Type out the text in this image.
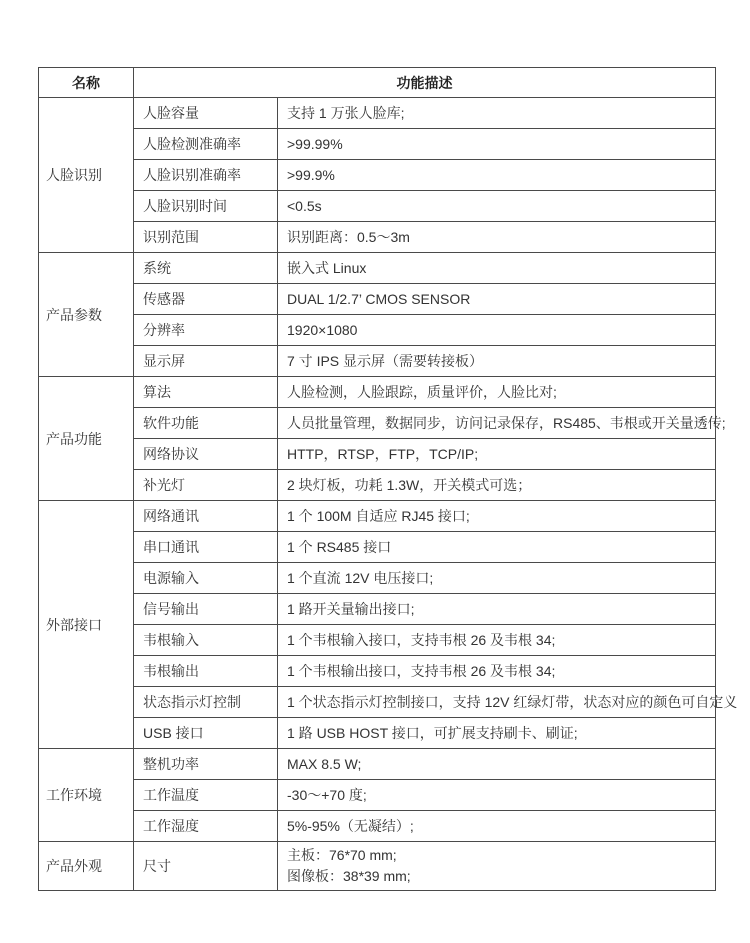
名称	功能描述	
人脸识别	人脸容量	支持 1 万张人脸库;
	人脸检测准确率	>99.99%
	人脸识别准确率	>99.9%
	人脸识别时间	<0.5s
	识别范围	识别距离：0.5～3m
产品参数	系统	嵌入式 Linux
	传感器	DUAL 1/2.7’ CMOS SENSOR
	分辨率	1920×1080
	显示屏	7 寸 IPS 显示屏（需要转接板）
产品功能	算法	人脸检测，人脸跟踪，质量评价，人脸比对;
	软件功能	人员批量管理，数据同步，访问记录保存，RS485、韦根或开关量透传;
	网络协议	HTTP，RTSP，FTP，TCP/IP;
	补光灯	2 块灯板，功耗 1.3W，开关模式可选；
外部接口	网络通讯	1 个 100M 自适应 RJ45 接口;
	串口通讯	1 个 RS485 接口
	电源输入	1 个直流 12V 电压接口;
	信号输出	1 路开关量输出接口;
	韦根输入	1 个韦根输入接口，支持韦根 26 及韦根 34;
	韦根输出	1 个韦根输出接口，支持韦根 26 及韦根 34;
	状态指示灯控制	1 个状态指示灯控制接口，支持 12V 红绿灯带，状态对应的颜色可自定义
	USB 接口	1 路 USB HOST 接口，可扩展支持刷卡、刷证;
工作环境	整机功率	MAX 8.5 W;
	工作温度	-30～+70 度;
	工作湿度	5%-95%（无凝结）;
产品外观	尺寸	主板：76*70 mm;
图像板：38*39 mm;
